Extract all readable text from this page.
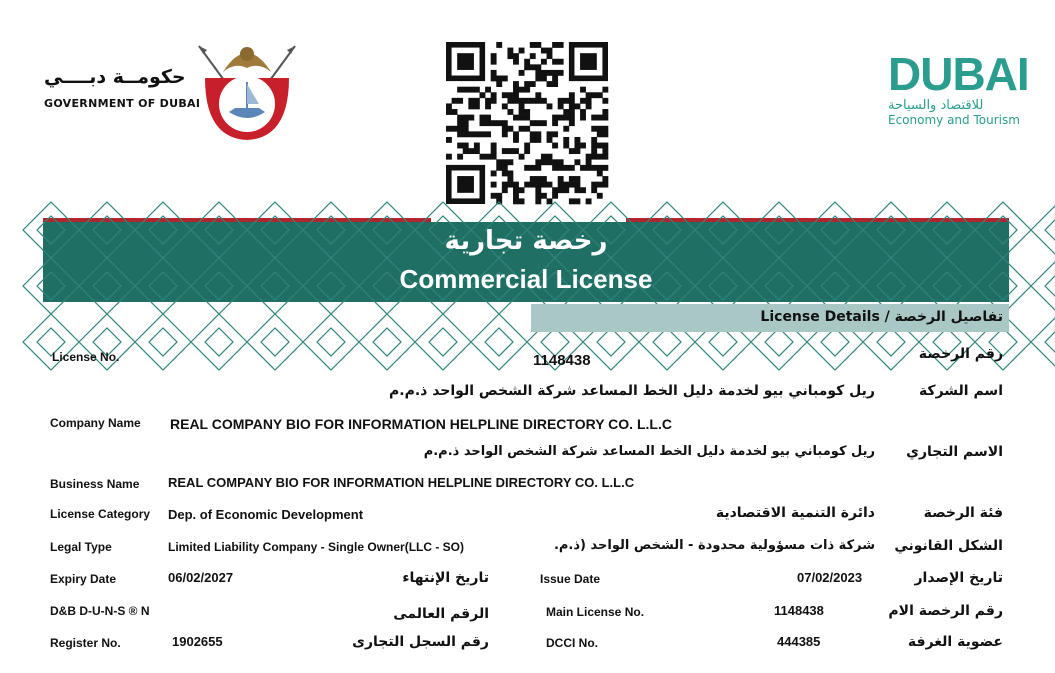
حكومــة دبــــي
GOVERNMENT OF DUBAI
DUBAI
للاقتصاد والسياحة
Economy and Tourism
رخصة تجارية
Commercial License
License Details / تفاصيل الرخصة
License No.	1148438	رقم الرخصة
ريل كومباني بيو لخدمة دليل الخط المساعد شركة الشخص الواحد ذ.م.م	اسم الشركة
Company Name REAL COMPANY BIO FOR INFORMATION HELPLINE DIRECTORY CO. L.L.C
ريل كومباني بيو لخدمة دليل الخط المساعد شركة الشخص الواحد ذ.م.م الاسم التجاري
Business Name REAL COMPANY BIO FOR INFORMATION HELPLINE DIRECTORY CO. L.L.C
License Category Dep. of Economic Development	دائرة التنمية الاقتصادية	فئة الرخصة
Legal Type	Limited Liability Company - Single Owner(LLC - SO)	شركة ذات مسؤولية محدودة - الشخص الواحد (ذ.م. الشكل القانوني
Expiry Date	06/02/2027	تاريخ الإنتهاء	Issue Date	07/02/2023	تاريخ الإصدار
D&B D-U-N-S ® N	الرقم العالمى	Main License No.	1148438	رقم الرخصة الام
Register No.	1902655	رقم السجل التجارى	DCCI No.	444385	عضوية الغرفة
